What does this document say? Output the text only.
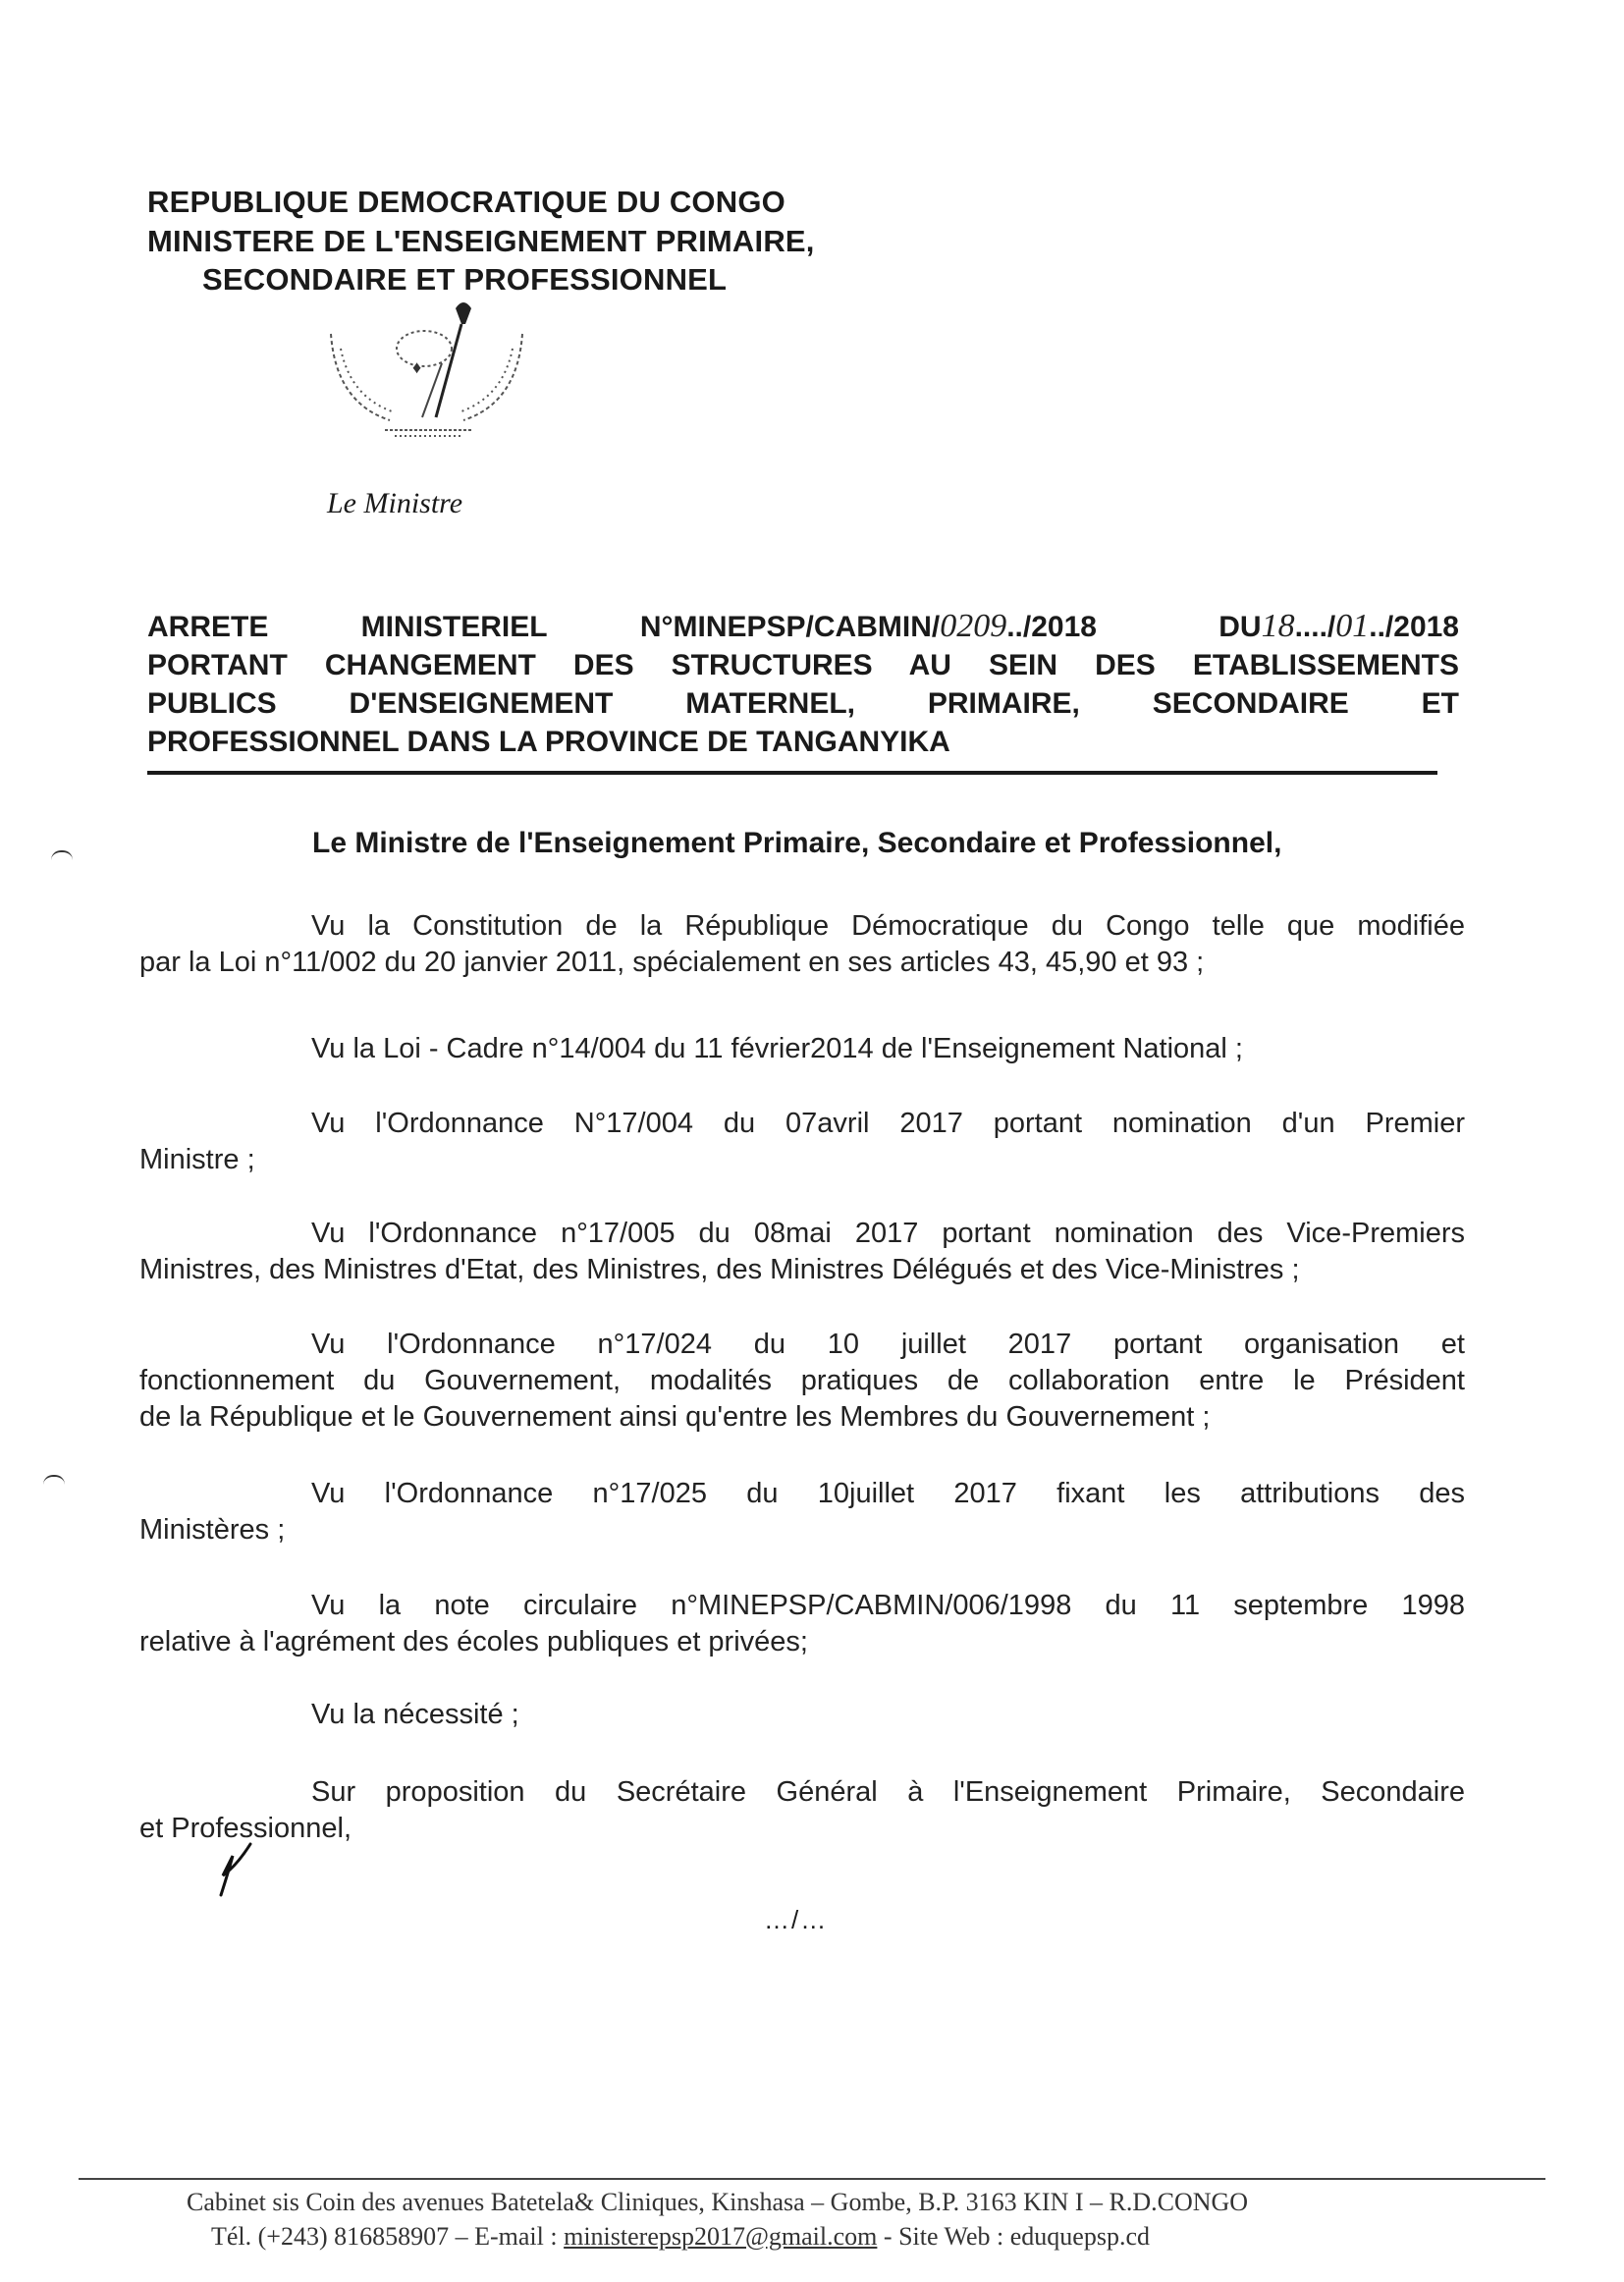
REPUBLIQUE DEMOCRATIQUE DU CONGO
MINISTERE DE L'ENSEIGNEMENT PRIMAIRE,
SECONDAIRE ET PROFESSIONNEL
♦
Le Ministre
ARRETE  	MINISTERIEL  	N°MINEPSP/CABMIN/0209../2018   	DU18..../01../2018
PORTANT CHANGEMENT DES STRUCTURES AU SEIN DES ETABLISSEMENTS
PUBLICS D'ENSEIGNEMENT MATERNEL, PRIMAIRE, SECONDAIRE ET
PROFESSIONNEL DANS LA PROVINCE DE TANGANYIKA
Le Ministre de l'Enseignement Primaire, Secondaire et Professionnel,
Vu la Constitution de la République Démocratique du Congo telle que modifiée
par la Loi n°11/002 du 20 janvier 2011, spécialement en ses articles 43, 45,90 et 93 ;
Vu la Loi - Cadre n°14/004 du 11 février2014 de l'Enseignement National ;
Vu l'Ordonnance N°17/004 du 07avril 2017 portant nomination d'un Premier
Ministre ;
Vu l'Ordonnance n°17/005 du 08mai 2017 portant nomination des Vice-Premiers
Ministres, des Ministres d'Etat, des Ministres, des Ministres Délégués et des Vice-Ministres ;
Vu l'Ordonnance n°17/024 du 10 juillet 2017 portant organisation et
fonctionnement du Gouvernement, modalités pratiques de collaboration entre le Président
de la République et le Gouvernement ainsi qu'entre les Membres du Gouvernement ;
Vu l'Ordonnance n°17/025 du 10juillet 2017 fixant les attributions des
Ministères ;
Vu la note circulaire n°MINEPSP/CABMIN/006/1998 du 11 septembre 1998
relative à l'agrément des écoles publiques et privées;
Vu la nécessité ;
Sur proposition du Secrétaire Général à l'Enseignement Primaire, Secondaire
et Professionnel,
…/…
Cabinet sis Coin des avenues Batetela& Cliniques, Kinshasa – Gombe, B.P. 3163 KIN I – R.D.CONGO
Tél. (+243) 816858907 – E-mail : ministerepsp2017@gmail.com - Site Web : eduquepsp.cd
